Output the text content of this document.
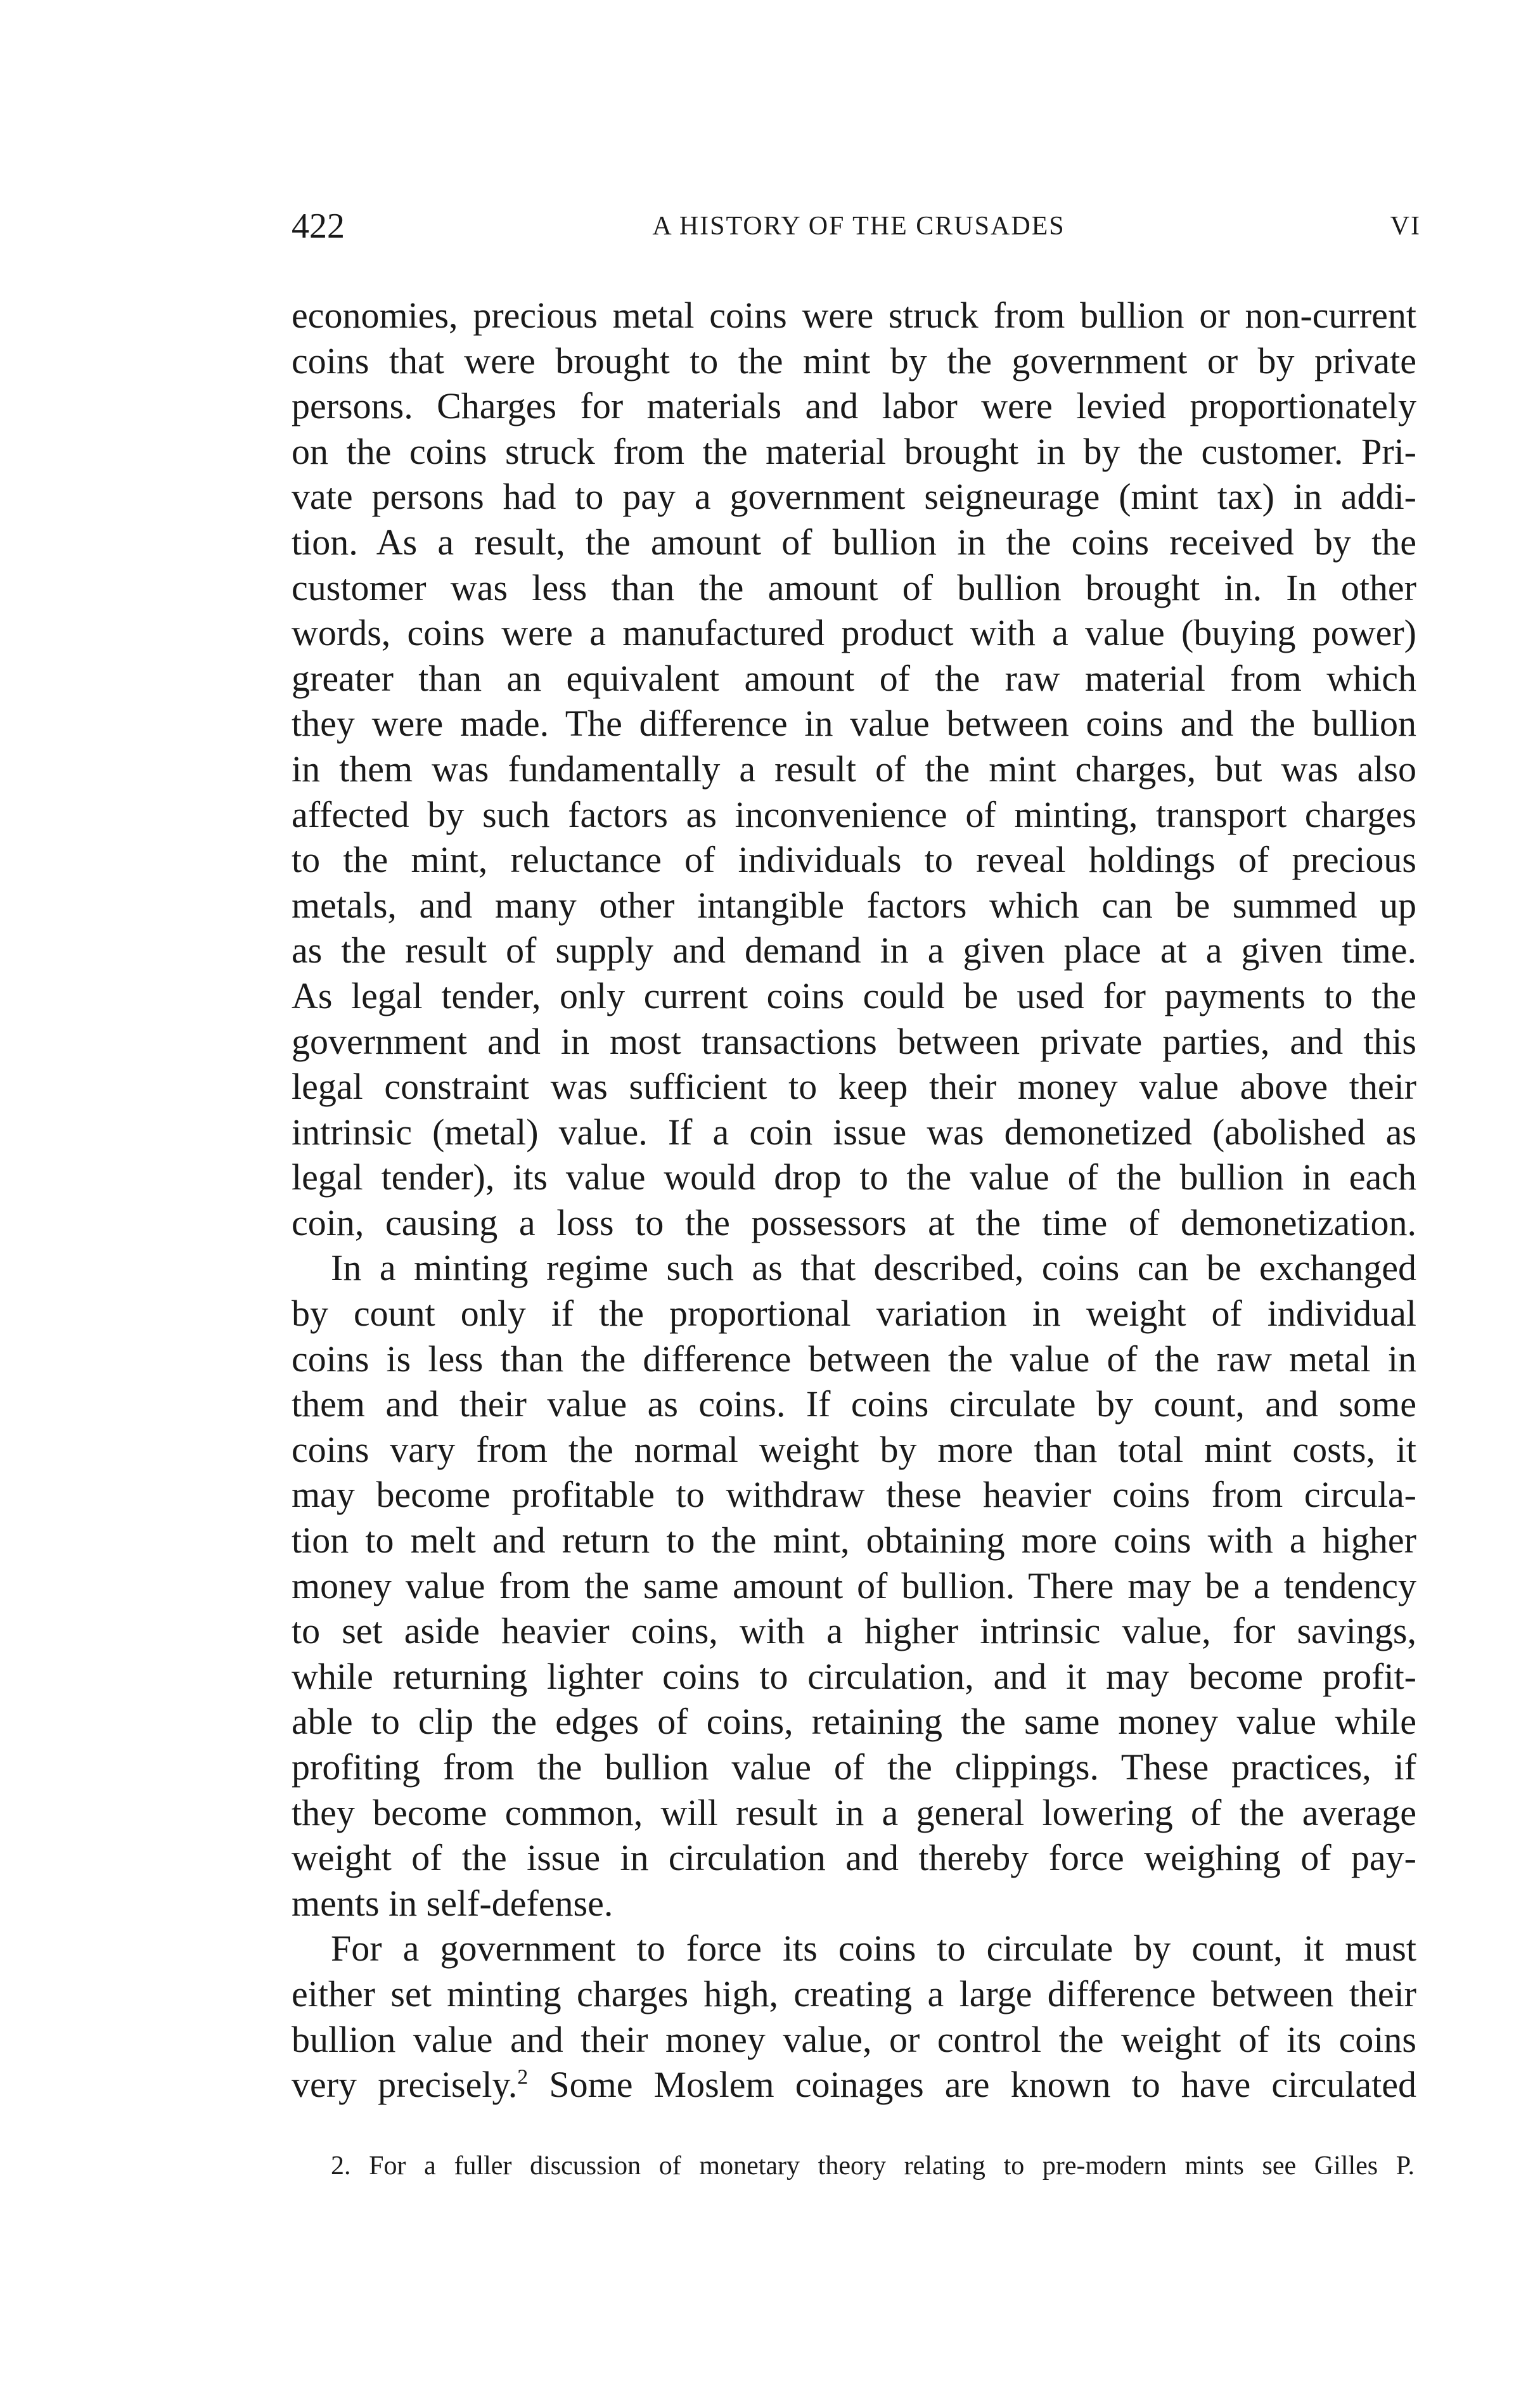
422	A HISTORY OF THE CRUSADES	VI
economies, precious metal coins were struck from bullion or non-current
coins that were brought to the mint by the government or by private
persons. Charges for materials and labor were levied proportionately
on the coins struck from the material brought in by the customer. Pri-
vate persons had to pay a government seigneurage (mint tax) in addi-
tion. As a result, the amount of bullion in the coins received by the
customer was less than the amount of bullion brought in. In other
words, coins were a manufactured product with a value (buying power)
greater than an equivalent amount of the raw material from which
they were made. The difference in value between coins and the bullion
in them was fundamentally a result of the mint charges, but was also
affected by such factors as inconvenience of minting, transport charges
to the mint, reluctance of individuals to reveal holdings of precious
metals, and many other intangible factors which can be summed up
as the result of supply and demand in a given place at a given time.
As legal tender, only current coins could be used for payments to the
government and in most transactions between private parties, and this
legal constraint was sufficient to keep their money value above their
intrinsic (metal) value. If a coin issue was demonetized (abolished as
legal tender), its value would drop to the value of the bullion in each
coin, causing a loss to the possessors at the time of demonetization.
In a minting regime such as that described, coins can be exchanged
by count only if the proportional variation in weight of individual
coins is less than the difference between the value of the raw metal in
them and their value as coins. If coins circulate by count, and some
coins vary from the normal weight by more than total mint costs, it
may become profitable to withdraw these heavier coins from circula-
tion to melt and return to the mint, obtaining more coins with a higher
money value from the same amount of bullion. There may be a tendency
to set aside heavier coins, with a higher intrinsic value, for savings,
while returning lighter coins to circulation, and it may become profit-
able to clip the edges of coins, retaining the same money value while
profiting from the bullion value of the clippings. These practices, if
they become common, will result in a general lowering of the average
weight of the issue in circulation and thereby force weighing of pay-
ments in self-defense.
For a government to force its coins to circulate by count, it must
either set minting charges high, creating a large difference between their
bullion value and their money value, or control the weight of its coins
very precisely.$^2$ Some Moslem coinages are known to have circulated
2. For a fuller discussion of monetary theory relating to pre-modern mints see Gilles P.
